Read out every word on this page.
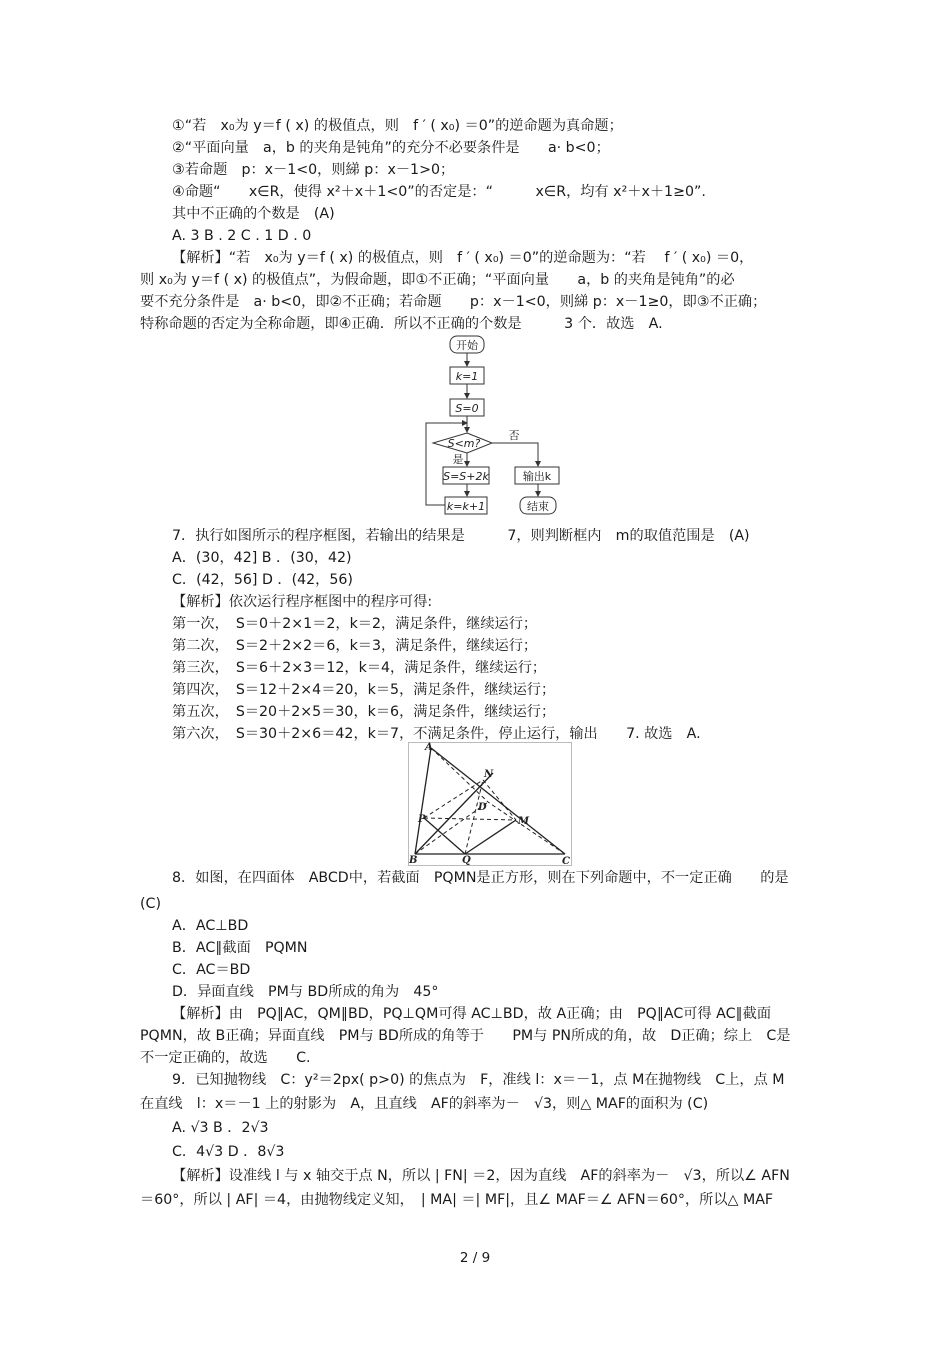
①“若　x₀为 y＝f ( x) 的极值点，则　f ′ ( x₀) ＝0”的逆命题为真命题；
②“平面向量　a，b 的夹角是钝角”的充分不必要条件是　　a· b<0；
③若命题　p：x－1<0，则綈 p：x－1>0；
④命题“　　x∈R，使得 x²＋x＋1<0”的否定是：“　　　x∈R，均有 x²＋x＋1≥0”.
其中不正确的个数是　(A)
A. 3 B . 2 C . 1 D . 0
【解析】“若　x₀为 y＝f ( x) 的极值点，则　f ′ ( x₀) ＝0”的逆命题为：“若　 f ′ ( x₀) ＝0，
则 x₀为 y＝f ( x) 的极值点”，为假命题，即①不正确；“平面向量　　a，b 的夹角是钝角”的必
要不充分条件是　a· b<0，即②不正确；若命题　　p：x－1<0，则綈 p：x－1≥0，即③不正确；
特称命题的否定为全称命题，即④正确．所以不正确的个数是　　　3 个．故选　A.
开始
k=1
S=0
S<m?
是
否
S=S+2k
k=k+1
输出k
结束
7．执行如图所示的程序框图，若输出的结果是　　　7，则判断框内　m的取值范围是　(A)
A．(30，42] B ．(30，42)
C．(42，56] D ．(42，56)
【解析】依次运行程序框图中的程序可得:
第一次，　S＝0＋2×1＝2，k＝2，满足条件，继续运行；
第二次，　S＝2＋2×2＝6，k＝3，满足条件，继续运行；
第三次，　S＝6＋2×3＝12，k＝4，满足条件，继续运行；
第四次，　S＝12＋2×4＝20，k＝5，满足条件，继续运行；
第五次，　S＝20＋2×5＝30，k＝6，满足条件，继续运行；
第六次，　S＝30＋2×6＝42，k＝7，不满足条件，停止运行，输出　　7. 故选　A.
A
B	C
D
N
P	M
Q
8．如图，在四面体　ABCD中，若截面　PQMN是正方形，则在下列命题中，不一定正确　　的是
(C)
A．AC⊥BD
B．AC∥截面　PQMN
C．AC＝BD
D．异面直线　PM与 BD所成的角为　45°
【解析】由　PQ∥AC，QM∥BD，PQ⊥QM可得 AC⊥BD，故 A正确；由　PQ∥AC可得 AC∥截面
PQMN，故 B正确；异面直线　PM与 BD所成的角等于　　PM与 PN所成的角，故　D正确；综上　C是
不一定正确的，故选　　C.
9．已知抛物线　C：y²＝2px( p>0) 的焦点为　F，准线 l：x＝－1，点 M在抛物线　C上，点 M
在直线　l：x＝－1 上的射影为　A，且直线　AF的斜率为－　√3，则△ MAF的面积为 (C)
A. √3 B ．2√3
C．4√3 D ．8√3
【解析】设准线 l 与 x 轴交于点 N，所以 | FN| ＝2，因为直线　AF的斜率为－　√3，所以∠ AFN
＝60°，所以 | AF| ＝4，由抛物线定义知，　| MA| ＝| MF|，且∠ MAF＝∠ AFN＝60°，所以△ MAF
2 / 9
